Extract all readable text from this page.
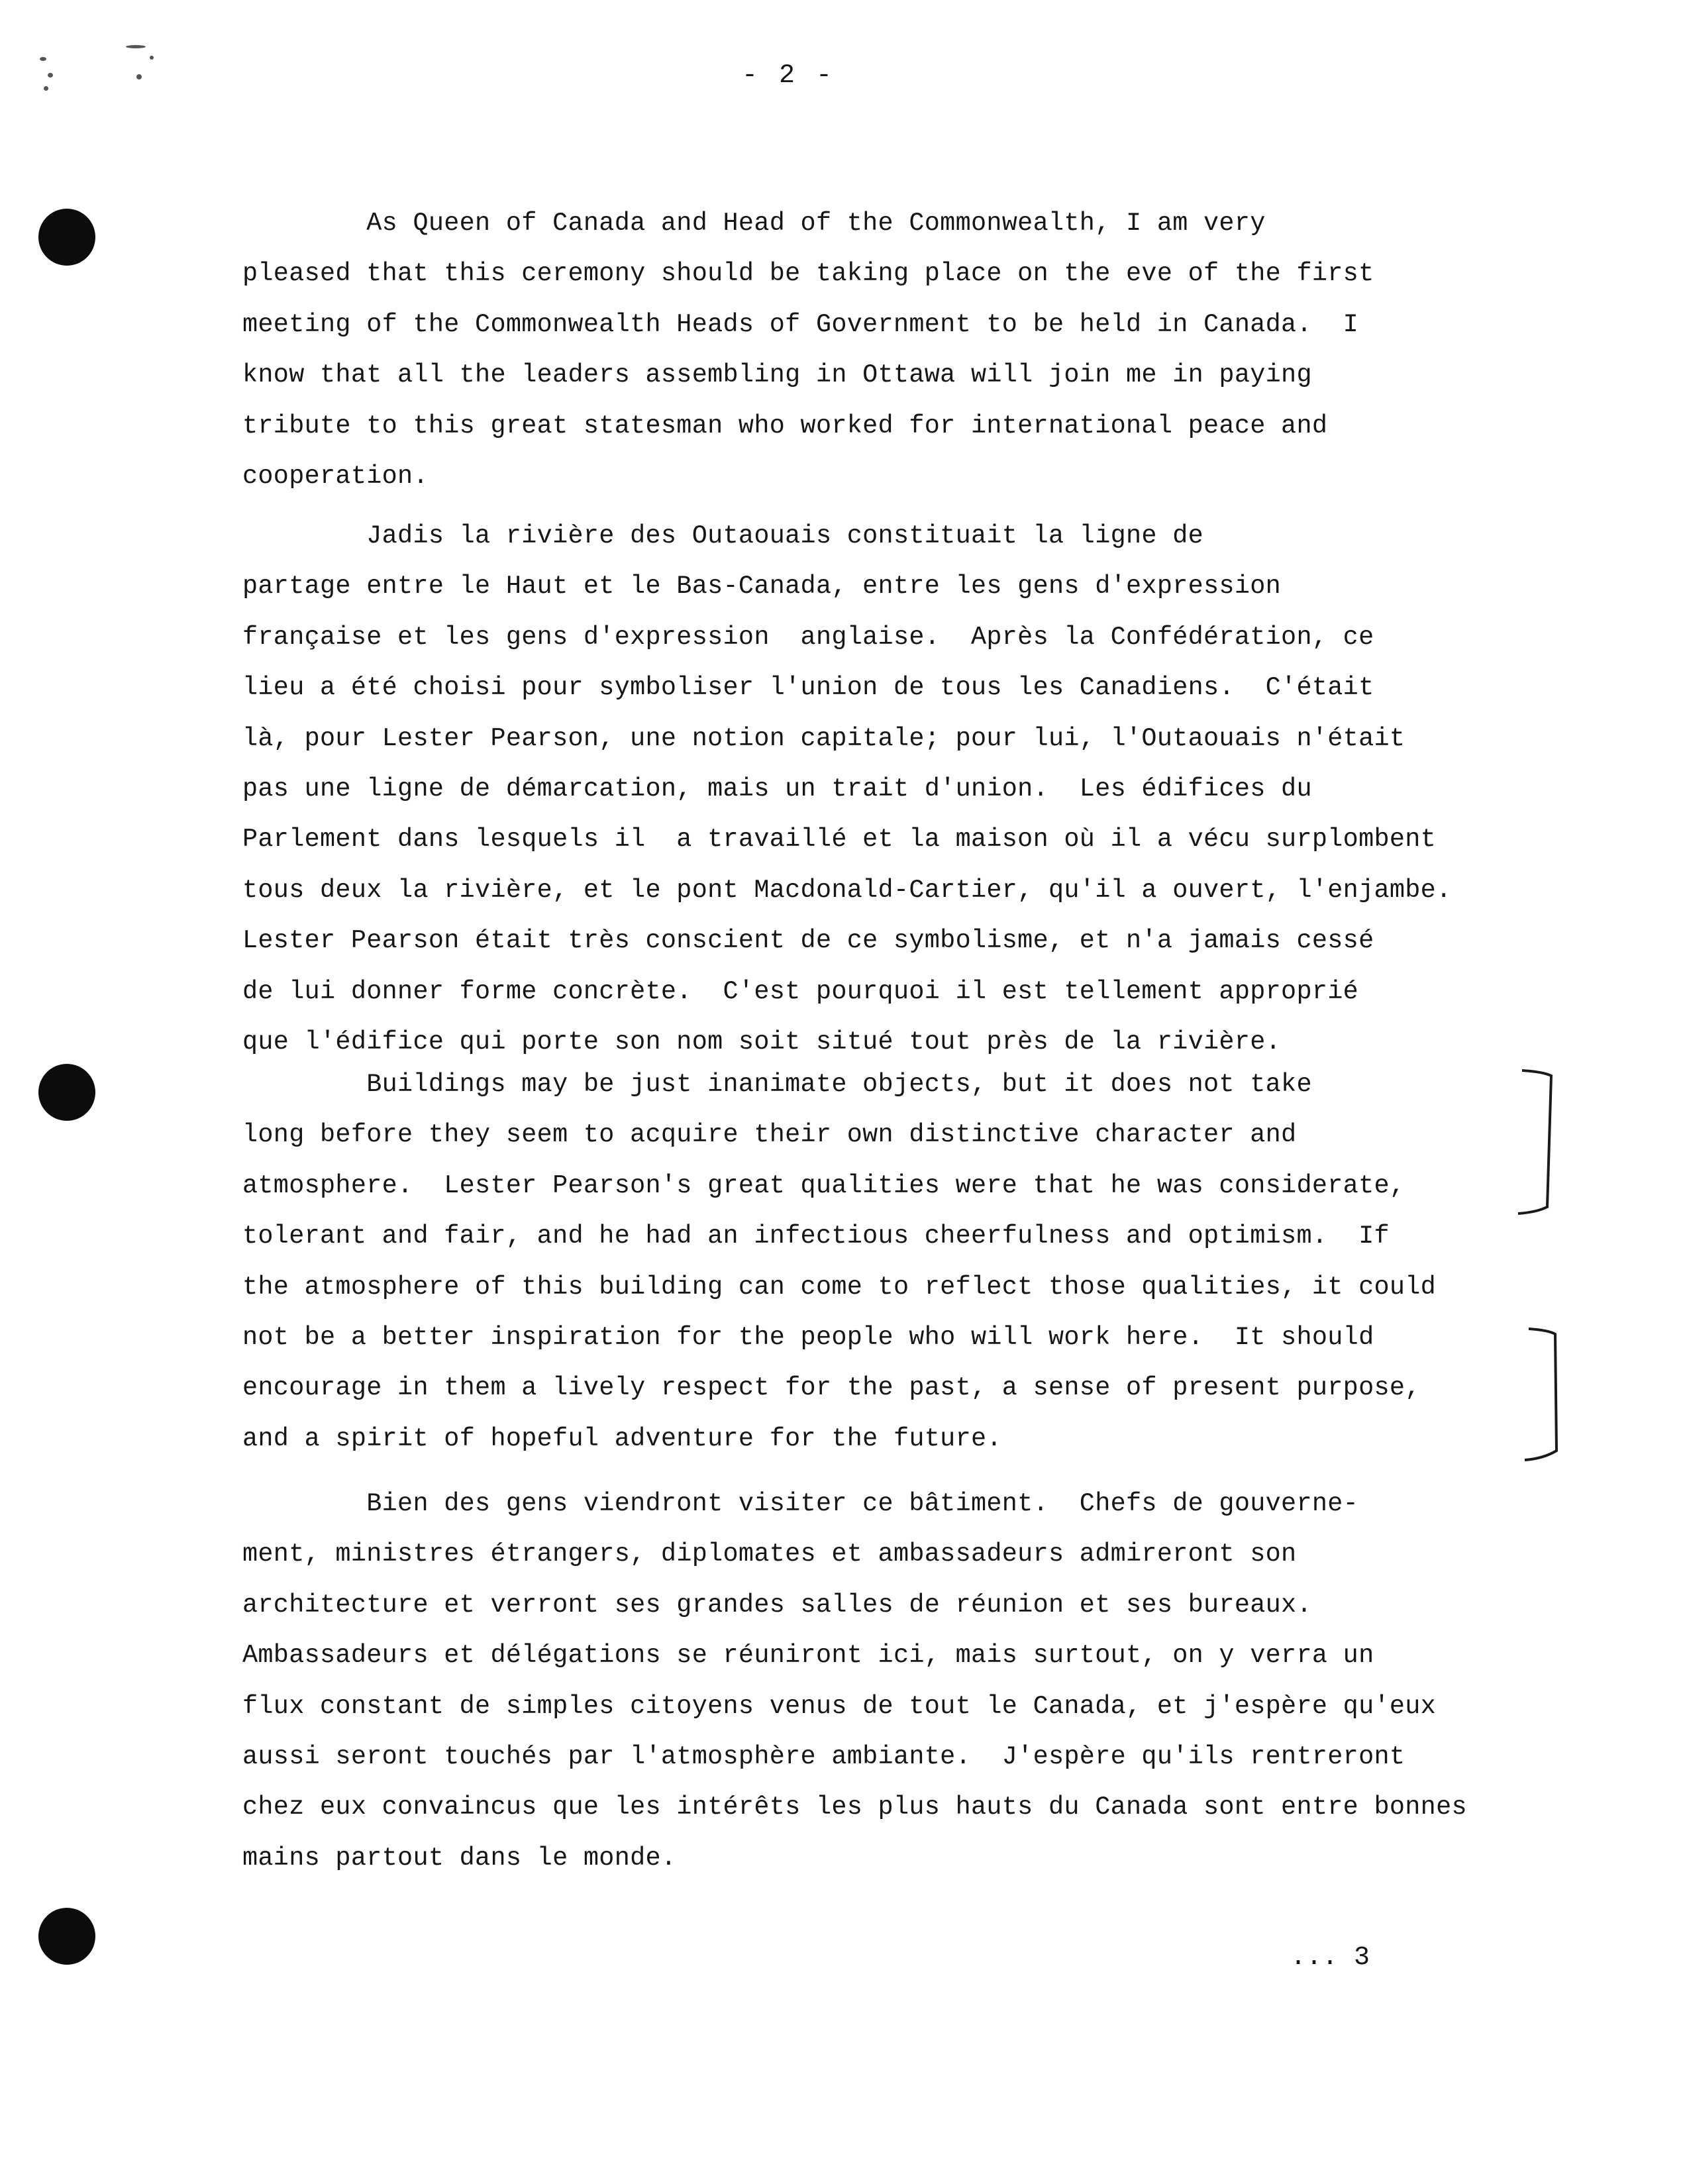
- 2 -
As Queen of Canada and Head of the Commonwealth, I am very
pleased that this ceremony should be taking place on the eve of the first
meeting of the Commonwealth Heads of Government to be held in Canada.  I
know that all the leaders assembling in Ottawa will join me in paying
tribute to this great statesman who worked for international peace and
cooperation.
Jadis la rivière des Outaouais constituait la ligne de
partage entre le Haut et le Bas-Canada, entre les gens d'expression
française et les gens d'expression  anglaise.  Après la Confédération, ce
lieu a été choisi pour symboliser l'union de tous les Canadiens.  C'était
là, pour Lester Pearson, une notion capitale; pour lui, l'Outaouais n'était
pas une ligne de démarcation, mais un trait d'union.  Les édifices du
Parlement dans lesquels il  a travaillé et la maison où il a vécu surplombent
tous deux la rivière, et le pont Macdonald-Cartier, qu'il a ouvert, l'enjambe.
Lester Pearson était très conscient de ce symbolisme, et n'a jamais cessé
de lui donner forme concrète.  C'est pourquoi il est tellement approprié
que l'édifice qui porte son nom soit situé tout près de la rivière.
Buildings may be just inanimate objects, but it does not take
long before they seem to acquire their own distinctive character and
atmosphere.  Lester Pearson's great qualities were that he was considerate,
tolerant and fair, and he had an infectious cheerfulness and optimism.  If
the atmosphere of this building can come to reflect those qualities, it could
not be a better inspiration for the people who will work here.  It should
encourage in them a lively respect for the past, a sense of present purpose,
and a spirit of hopeful adventure for the future.
Bien des gens viendront visiter ce bâtiment.  Chefs de gouverne-
ment, ministres étrangers, diplomates et ambassadeurs admireront son
architecture et verront ses grandes salles de réunion et ses bureaux.
Ambassadeurs et délégations se réuniront ici, mais surtout, on y verra un
flux constant de simples citoyens venus de tout le Canada, et j'espère qu'eux
aussi seront touchés par l'atmosphère ambiante.  J'espère qu'ils rentreront
chez eux convaincus que les intérêts les plus hauts du Canada sont entre bonnes
mains partout dans le monde.
... 3
